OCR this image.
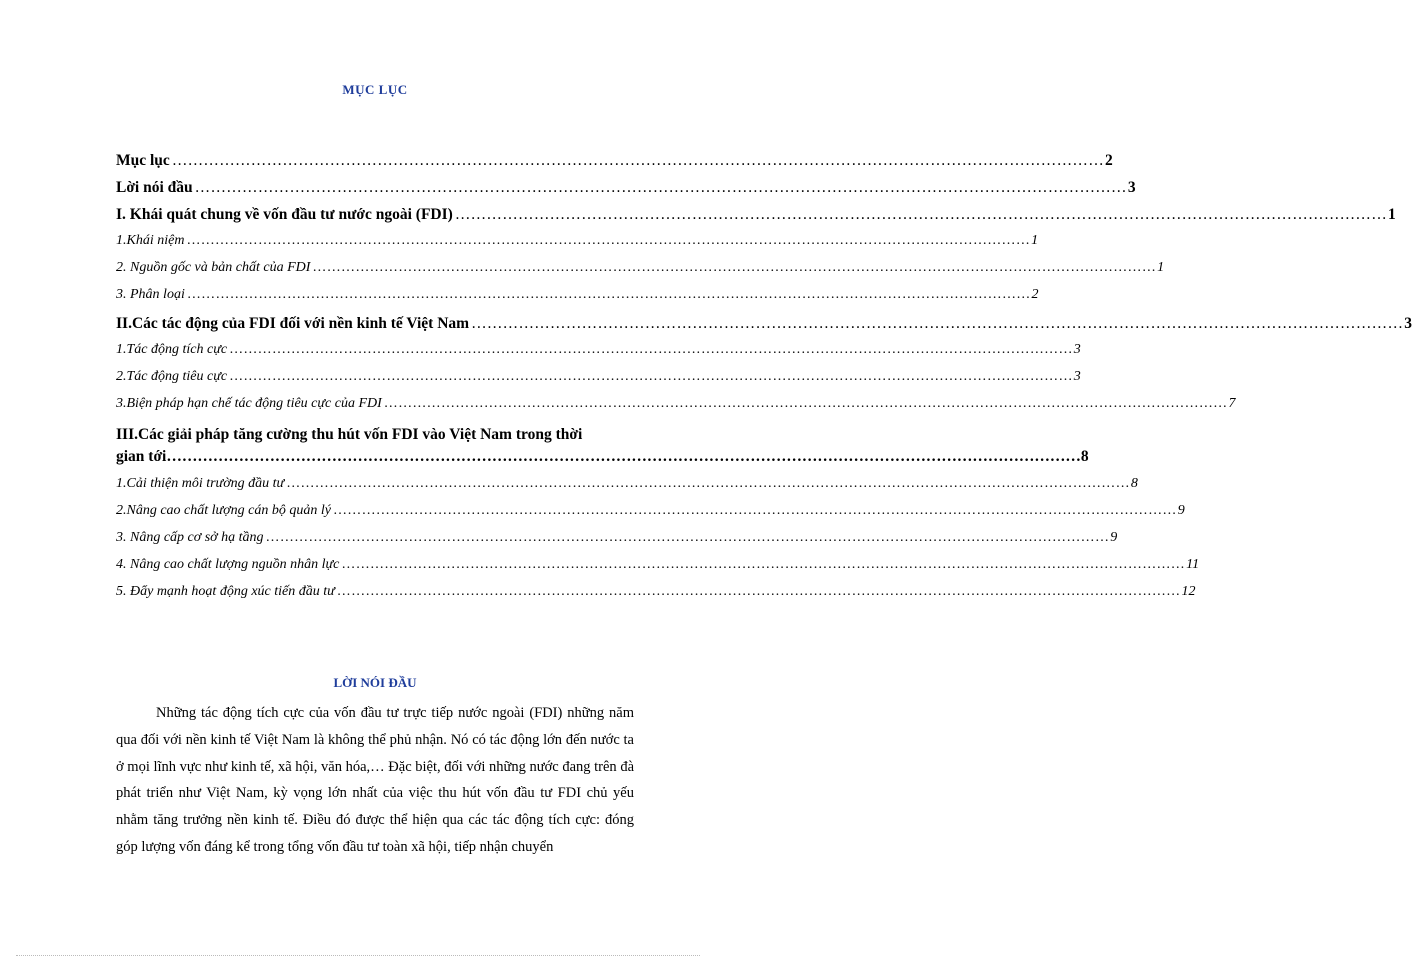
MỤC LỤC
Mục lục …………………………………………………………………………………………………………………………………………………………… 2
Lời nói đầu …………………………………………………………………………………………………………………………………………………………… 3
I. Khái quát chung về vốn đầu tư nước ngoài (FDI) …………………………………………………………………………………………………………………………………………………………… 1
1.Khái niệm …………………………………………………………………………………………………………………………………………………………… 1
2. Nguồn gốc và bản chất của FDI …………………………………………………………………………………………………………………………………………………………… 1
3. Phân loại …………………………………………………………………………………………………………………………………………………………… 2
II.Các tác động của FDI đối với nền kinh tế Việt Nam …………………………………………………………………………………………………………………………………………………………… 3
1.Tác động tích cực …………………………………………………………………………………………………………………………………………………………… 3
2.Tác động tiêu cực …………………………………………………………………………………………………………………………………………………………… 3
3.Biện pháp hạn chế tác động tiêu cực của FDI …………………………………………………………………………………………………………………………………………………………… 7
III.Các giải pháp tăng cường thu hút vốn FDI vào Việt Nam trong thời
gian tới …………………………………………………………………………………………………………………………………………………………… 8
1.Cải thiện môi trường đầu tư …………………………………………………………………………………………………………………………………………………………… 8
2.Nâng cao chất lượng cán bộ quản lý …………………………………………………………………………………………………………………………………………………………… 9
3. Nâng cấp cơ sở hạ tầng …………………………………………………………………………………………………………………………………………………………… 9
4. Nâng cao chất lượng nguồn nhân lực …………………………………………………………………………………………………………………………………………………………… 11
5. Đẩy mạnh hoạt động xúc tiến đầu tư …………………………………………………………………………………………………………………………………………………………… 12
LỜI NÓI ĐẦU
Những tác động tích cực của vốn đầu tư trực tiếp nước ngoài (FDI) những năm qua đối với nền kinh tế Việt Nam là không thể phủ nhận. Nó có tác động lớn đến nước ta ở mọi lĩnh vực như kinh tế, xã hội, văn hóa,… Đặc biệt, đối với những nước đang trên đà phát triển như Việt Nam, kỳ vọng lớn nhất của việc thu hút vốn đầu tư FDI chủ yếu nhằm tăng trưởng nền kinh tế. Điều đó được thể hiện qua các tác động tích cực: đóng góp lượng vốn đáng kể trong tổng vốn đầu tư toàn xã hội, tiếp nhận chuyển
